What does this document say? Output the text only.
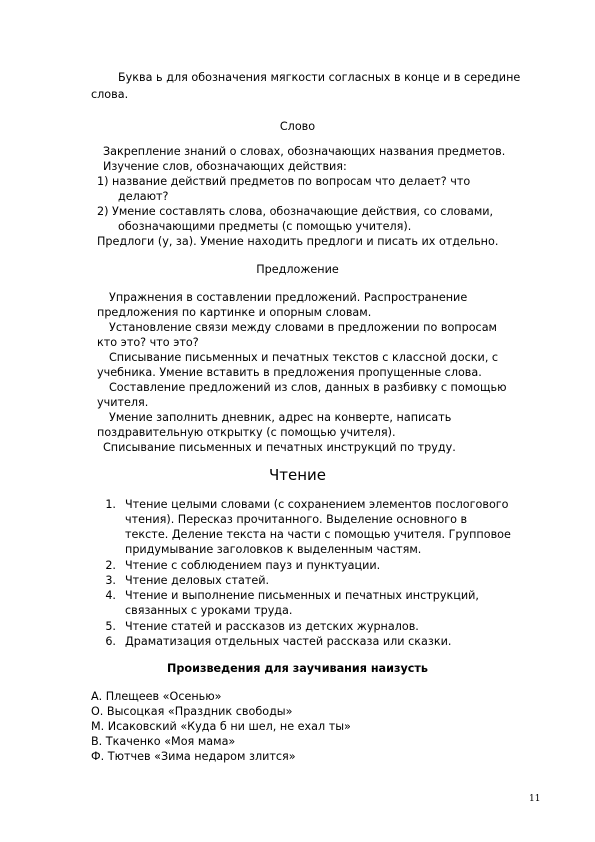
Буква ь для обозначения мягкости согласных в конце и в середине
слова.
Слово
Закрепление знаний о словах, обозначающих названия предметов.
Изучение слов, обозначающих действия:
1) название действий предметов по вопросам что делает? что
делают?
2) Умение составлять слова, обозначающие действия, со словами,
обозначающими предметы (с помощью учителя).
Предлоги (у, за). Умение находить предлоги и писать их отдельно.
Предложение
Упражнения в составлении предложений. Распространение
предложения по картинке и опорным словам.
Установление связи между словами в предложении по вопросам
кто это? что это?
Списывание письменных и печатных текстов с классной доски, с
учебника. Умение вставить в предложения пропущенные слова.
Составление предложений из слов, данных в разбивку с помощью
учителя.
Умение заполнить дневник, адрес на конверте, написать
поздравительную открытку (с помощью учителя).
Списывание письменных и печатных инструкций по труду.
Чтение
1. Чтение целыми словами (с сохранением элементов послогового
чтения). Пересказ прочитанного. Выделение основного в
тексте. Деление текста на части с помощью учителя. Групповое
придумывание заголовков к выделенным частям.
2. Чтение с соблюдением пауз и пунктуации.
3. Чтение деловых статей.
4. Чтение и выполнение письменных и печатных инструкций,
связанных с уроками труда.
5. Чтение статей и рассказов из детских журналов.
6. Драматизация отдельных частей рассказа или сказки.
Произведения для заучивания наизусть
А. Плещеев «Осенью»
О. Высоцкая «Праздник свободы»
М. Исаковский «Куда б ни шел, не ехал ты»
В. Ткаченко «Моя мама»
Ф. Тютчев «Зима недаром злится»
11
